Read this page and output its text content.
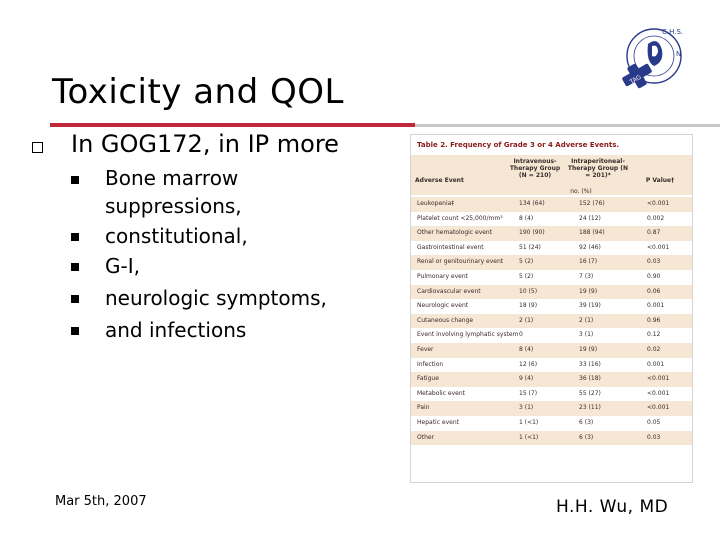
Toxicity and QOL
C.H.S.
N
TAG
In GOG172, in IP more
Bone marrow
suppressions,
constitutional,
G-I,
neurologic symptoms,
and infections
Table 2. Frequency of Grade 3 or 4 Adverse Events.
Adverse Event
Intravenous-Therapy Group (N = 210)
Intraperitoneal-Therapy Group (N = 201)*
P Value†
no. (%)
Leukopenia‡	134 (64)	152 (76)	<0.001
Platelet count <25,000/mm³	8 (4)	24 (12)	0.002
Other hematologic event	190 (90)	188 (94)	0.87
Gastrointestinal event	51 (24)	92 (46)	<0.001
Renal or genitourinary event	5 (2)	16 (7)	0.03
Pulmonary event	5 (2)	7 (3)	0.90
Cardiovascular event	10 (5)	19 (9)	0.06
Neurologic event	18 (9)	39 (19)	0.001
Cutaneous change	2 (1)	2 (1)	0.96
Event involving lymphatic system 0	3 (1)	0.12
Fever	8 (4)	19 (9)	0.02
Infection	12 (6)	33 (16)	0.001
Fatigue	9 (4)	36 (18)	<0.001
Metabolic event	15 (7)	55 (27)	<0.001
Pain	3 (1)	23 (11)	<0.001
Hepatic event	1 (<1)	6 (3)	0.05
Other	1 (<1)	6 (3)	0.03
Mar 5th, 2007	H.H. Wu, MD
